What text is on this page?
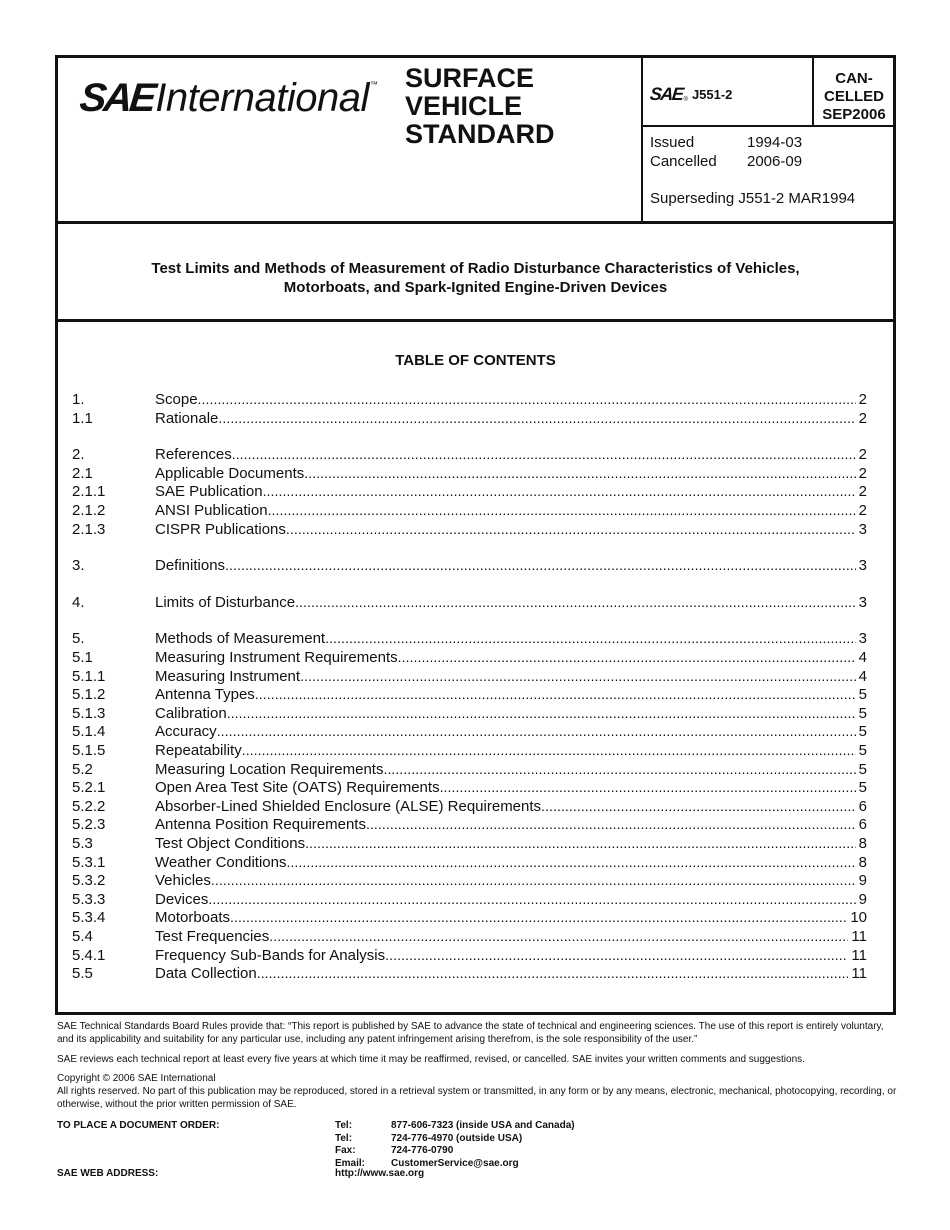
SAE International ™ SURFACE
VEHICLE
STANDARD
SAE ® J551-2
CAN-
CELLED
SEP2006
Issued	1994-03
Cancelled 2006-09
Superseding J551-2 MAR1994
Test Limits and Methods of Measurement of Radio Disturbance Characteristics of Vehicles,
Motorboats, and Spark-Ignited Engine-Driven Devices
TABLE OF CONTENTS
1.	Scope . . .	2
1.1	Rationale . . .	2
2.	References . . .	2
2.1	Applicable Documents . . .	2
2.1.1	SAE Publication . . .	2
2.1.2	ANSI Publication . . .	2
2.1.3	CISPR Publications . . .	3
3.	Definitions . . .	3
4.	Limits of Disturbance . . .	3
5.	Methods of Measurement . . .	3
5.1	Measuring Instrument Requirements . . .	4
5.1.1	Measuring Instrument . . .	4
5.1.2	Antenna Types . . .	5
5.1.3	Calibration . . .	5
5.1.4	Accuracy . . .	5
5.1.5	Repeatability . . .	5
5.2	Measuring Location Requirements . . .	5
5.2.1	Open Area Test Site (OATS) Requirements . . .	5
5.2.2	Absorber-Lined Shielded Enclosure (ALSE) Requirements . . .	6
5.2.3	Antenna Position Requirements . . .	6
5.3	Test Object Conditions . . .	8
5.3.1	Weather Conditions . . .	8
5.3.2	Vehicles . . .	9
5.3.3	Devices . . .	9
5.3.4	Motorboats . . .	10
5.4	Test Frequencies . . .	11
5.4.1	Frequency Sub-Bands for Analysis . . .	11
5.5	Data Collection . . .	11
SAE Technical Standards Board Rules provide that: “This report is published by SAE to advance the state of technical and engineering sciences. The use of this report is entirely voluntary, and its applicability and suitability for any particular use, including any patent infringement arising therefrom, is the sole responsibility of the user.”
SAE reviews each technical report at least every five years at which time it may be reaffirmed, revised, or cancelled. SAE invites your written comments and suggestions.
Copyright © 2006 SAE International
All rights reserved. No part of this publication may be reproduced, stored in a retrieval system or transmitted, in any form or by any means, electronic, mechanical, photocopying, recording, or otherwise, without the prior written permission of SAE.
TO PLACE A DOCUMENT ORDER:
SAE WEB ADDRESS:
Tel:	877-606-7323 (inside USA and Canada)
Tel:	724-776-4970 (outside USA)
Fax:	724-776-0790
Email:	CustomerService@sae.org
http://www.sae.org
